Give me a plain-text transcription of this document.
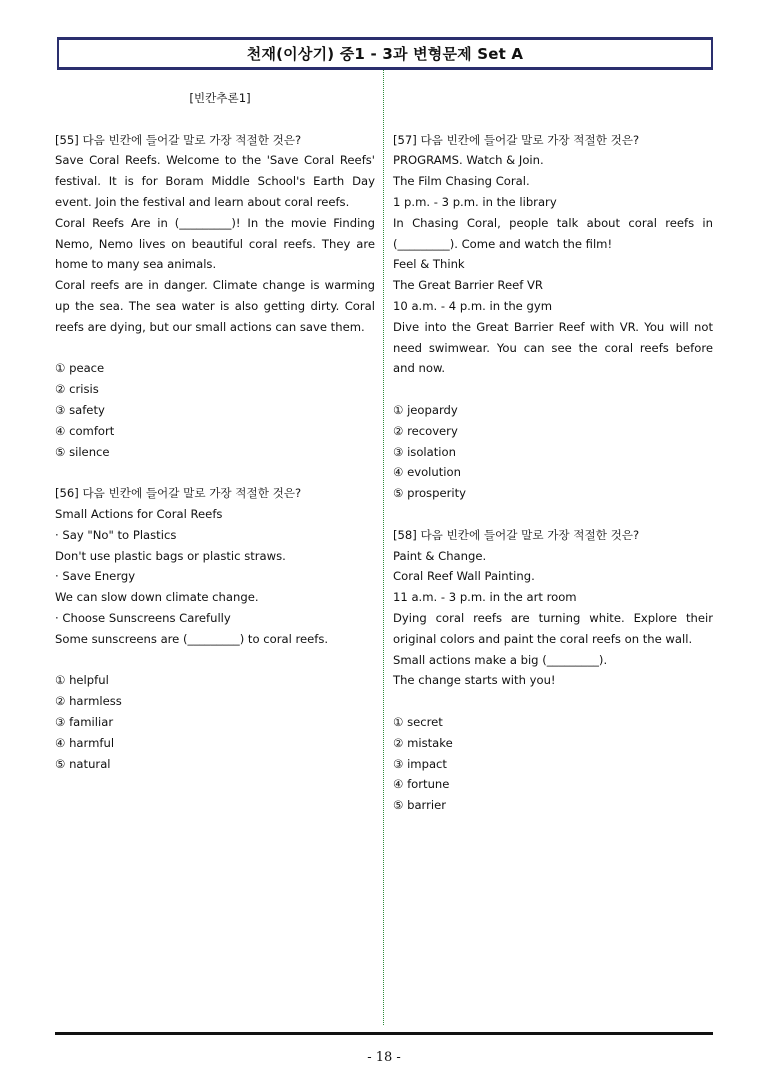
천재(이상기) 중1 - 3과 변형문제 Set A
[빈칸추론1]
[55] 다음 빈칸에 들어갈 말로 가장 적절한 것은?
Save Coral Reefs. Welcome to the 'Save Coral Reefs'
festival. It is for Boram Middle School's Earth Day
event. Join the festival and learn about coral reefs.
Coral Reefs Are in (_________)! In the movie Finding
Nemo, Nemo lives on beautiful coral reefs. They are
home to many sea animals.
Coral reefs are in danger. Climate change is warming
up the sea. The sea water is also getting dirty. Coral
reefs are dying, but our small actions can save them.
① peace
② crisis
③ safety
④ comfort
⑤ silence
[56] 다음 빈칸에 들어갈 말로 가장 적절한 것은?
Small Actions for Coral Reefs
· Say "No" to Plastics
Don't use plastic bags or plastic straws.
· Save Energy
We can slow down climate change.
· Choose Sunscreens Carefully
Some sunscreens are (_________) to coral reefs.
① helpful
② harmless
③ familiar
④ harmful
⑤ natural
[57] 다음 빈칸에 들어갈 말로 가장 적절한 것은?
PROGRAMS. Watch & Join.
The Film Chasing Coral.
1 p.m. - 3 p.m. in the library
In Chasing Coral, people talk about coral reefs in
(_________). Come and watch the film!
Feel & Think
The Great Barrier Reef VR
10 a.m. - 4 p.m. in the gym
Dive into the Great Barrier Reef with VR. You will not
need swimwear. You can see the coral reefs before
and now.
① jeopardy
② recovery
③ isolation
④ evolution
⑤ prosperity
[58] 다음 빈칸에 들어갈 말로 가장 적절한 것은?
Paint & Change.
Coral Reef Wall Painting.
11 a.m. - 3 p.m. in the art room
Dying coral reefs are turning white. Explore their
original colors and paint the coral reefs on the wall.
Small actions make a big (_________).
The change starts with you!
① secret
② mistake
③ impact
④ fortune
⑤ barrier
- 18 -
